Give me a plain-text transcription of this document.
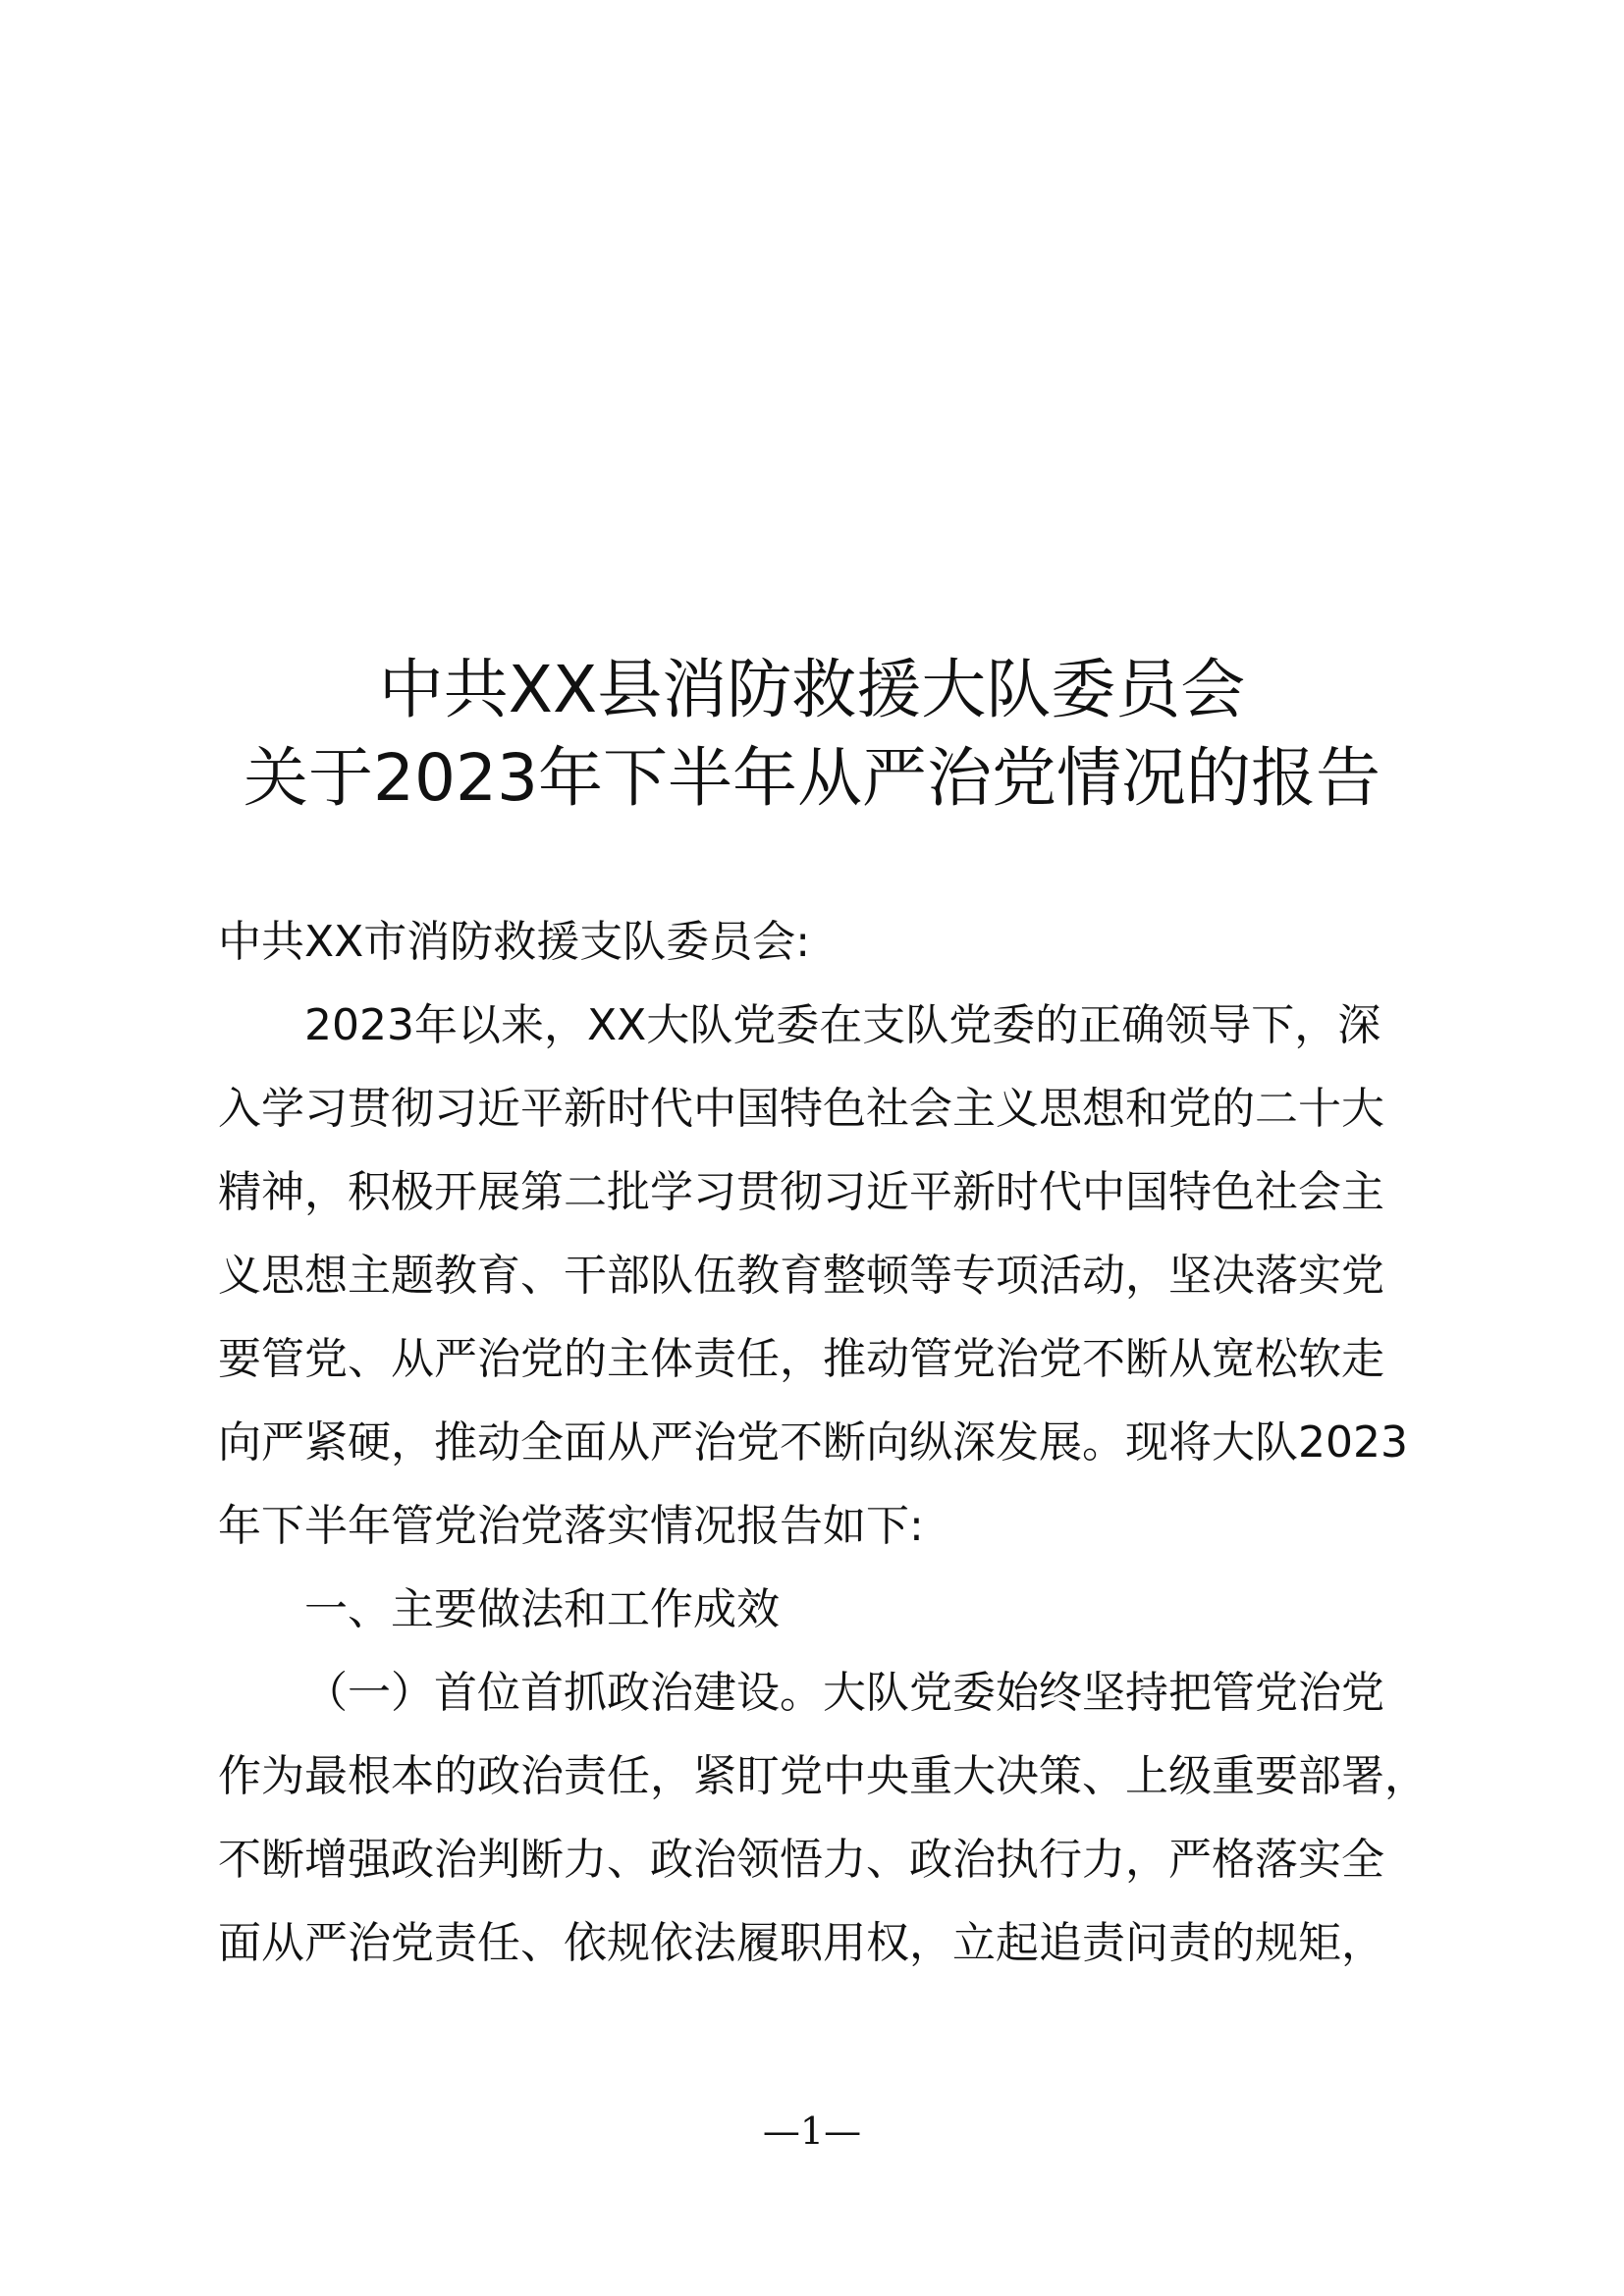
中共XX县消防救援大队委员会
关于2023年下半年从严治党情况的报告
中共XX市消防救援支队委员会:
2023年以来，XX大队党委在支队党委的正确领导下，深
入学习贯彻习近平新时代中国特色社会主义思想和党的二十大
精神，积极开展第二批学习贯彻习近平新时代中国特色社会主
义思想主题教育、干部队伍教育整顿等专项活动，坚决落实党
要管党、从严治党的主体责任，推动管党治党不断从宽松软走
向严紧硬，推动全面从严治党不断向纵深发展。现将大队2023
年下半年管党治党落实情况报告如下:
一、主要做法和工作成效
（一）首位首抓政治建设。大队党委始终坚持把管党治党
作为最根本的政治责任，紧盯党中央重大决策、上级重要部署，
不断增强政治判断力、政治领悟力、政治执行力，严格落实全
面从严治党责任、依规依法履职用权，立起追责问责的规矩，
—1—
